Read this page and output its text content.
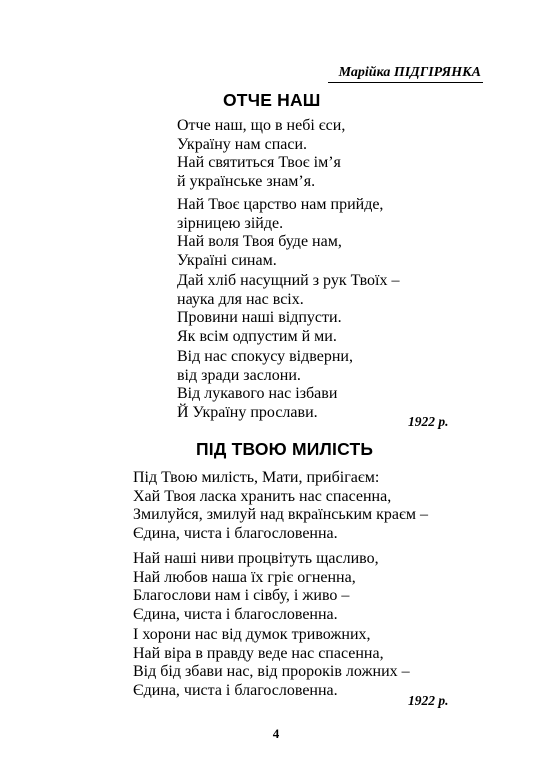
Марійка ПІДГІРЯНКА
ОТЧЕ НАШ
Отче наш, що в небі єси,
Україну нам спаси.
Най святиться Твоє ім’я
й українське знам’я.
Най Твоє царство нам прийде,
зірницею зійде.
Най воля Твоя буде нам,
Україні синам.
Дай хліб насущний з рук Твоїх –
наука для нас всіх.
Провини наші відпусти.
Як всім одпустим й ми.
Від нас спокусу відверни,
від зради заслони.
Від лукавого нас ізбави
Й Україну прослави.
1922 р.
ПІД ТВОЮ МИЛІСТЬ
Під Твою милість, Мати, прибігаєм:
Хай Твоя ласка хранить нас спасенна,
Змилуйся, змилуй над вкраїнським краєм –
Єдина, чиста і благословенна.
Най наші ниви процвітуть щасливо,
Най любов наша їх гріє огненна,
Благослови нам і сівбу, і живо –
Єдина, чиста і благословенна.
І хорони нас від думок тривожних,
Най віра в правду веде нас спасенна,
Від бід збави нас, від пророків ложних –
Єдина, чиста і благословенна.
1922 р.
4
